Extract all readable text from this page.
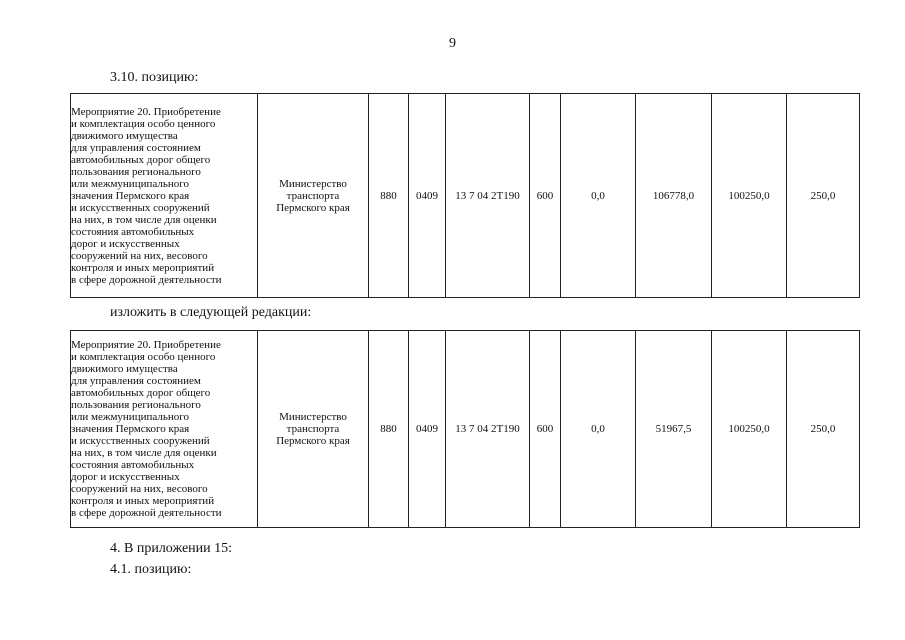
9
3.10. позицию:
Мероприятие 20. Приобретение
и комплектация особо ценного
движимого имущества
для управления состоянием
автомобильных дорог общего
пользования регионального
или межмуниципального
значения Пермского края
и искусственных сооружений
на них, в том числе для оценки
состояния автомобильных
дорог и искусственных
сооружений на них, весового
контроля и иных мероприятий
в сфере дорожной деятельности	Министерство
транспорта
Пермского края	880	0409	13 7 04 2Т190	600	0,0	106778,0	100250,0	250,0
изложить в следующей редакции:
Мероприятие 20. Приобретение
и комплектация особо ценного
движимого имущества
для управления состоянием
автомобильных дорог общего
пользования регионального
или межмуниципального
значения Пермского края
и искусственных сооружений
на них, в том числе для оценки
состояния автомобильных
дорог и искусственных
сооружений на них, весового
контроля и иных мероприятий
в сфере дорожной деятельности	Министерство
транспорта
Пермского края	880	0409	13 7 04 2Т190	600	0,0	51967,5	100250,0	250,0
4. В приложении 15:
4.1. позицию:
